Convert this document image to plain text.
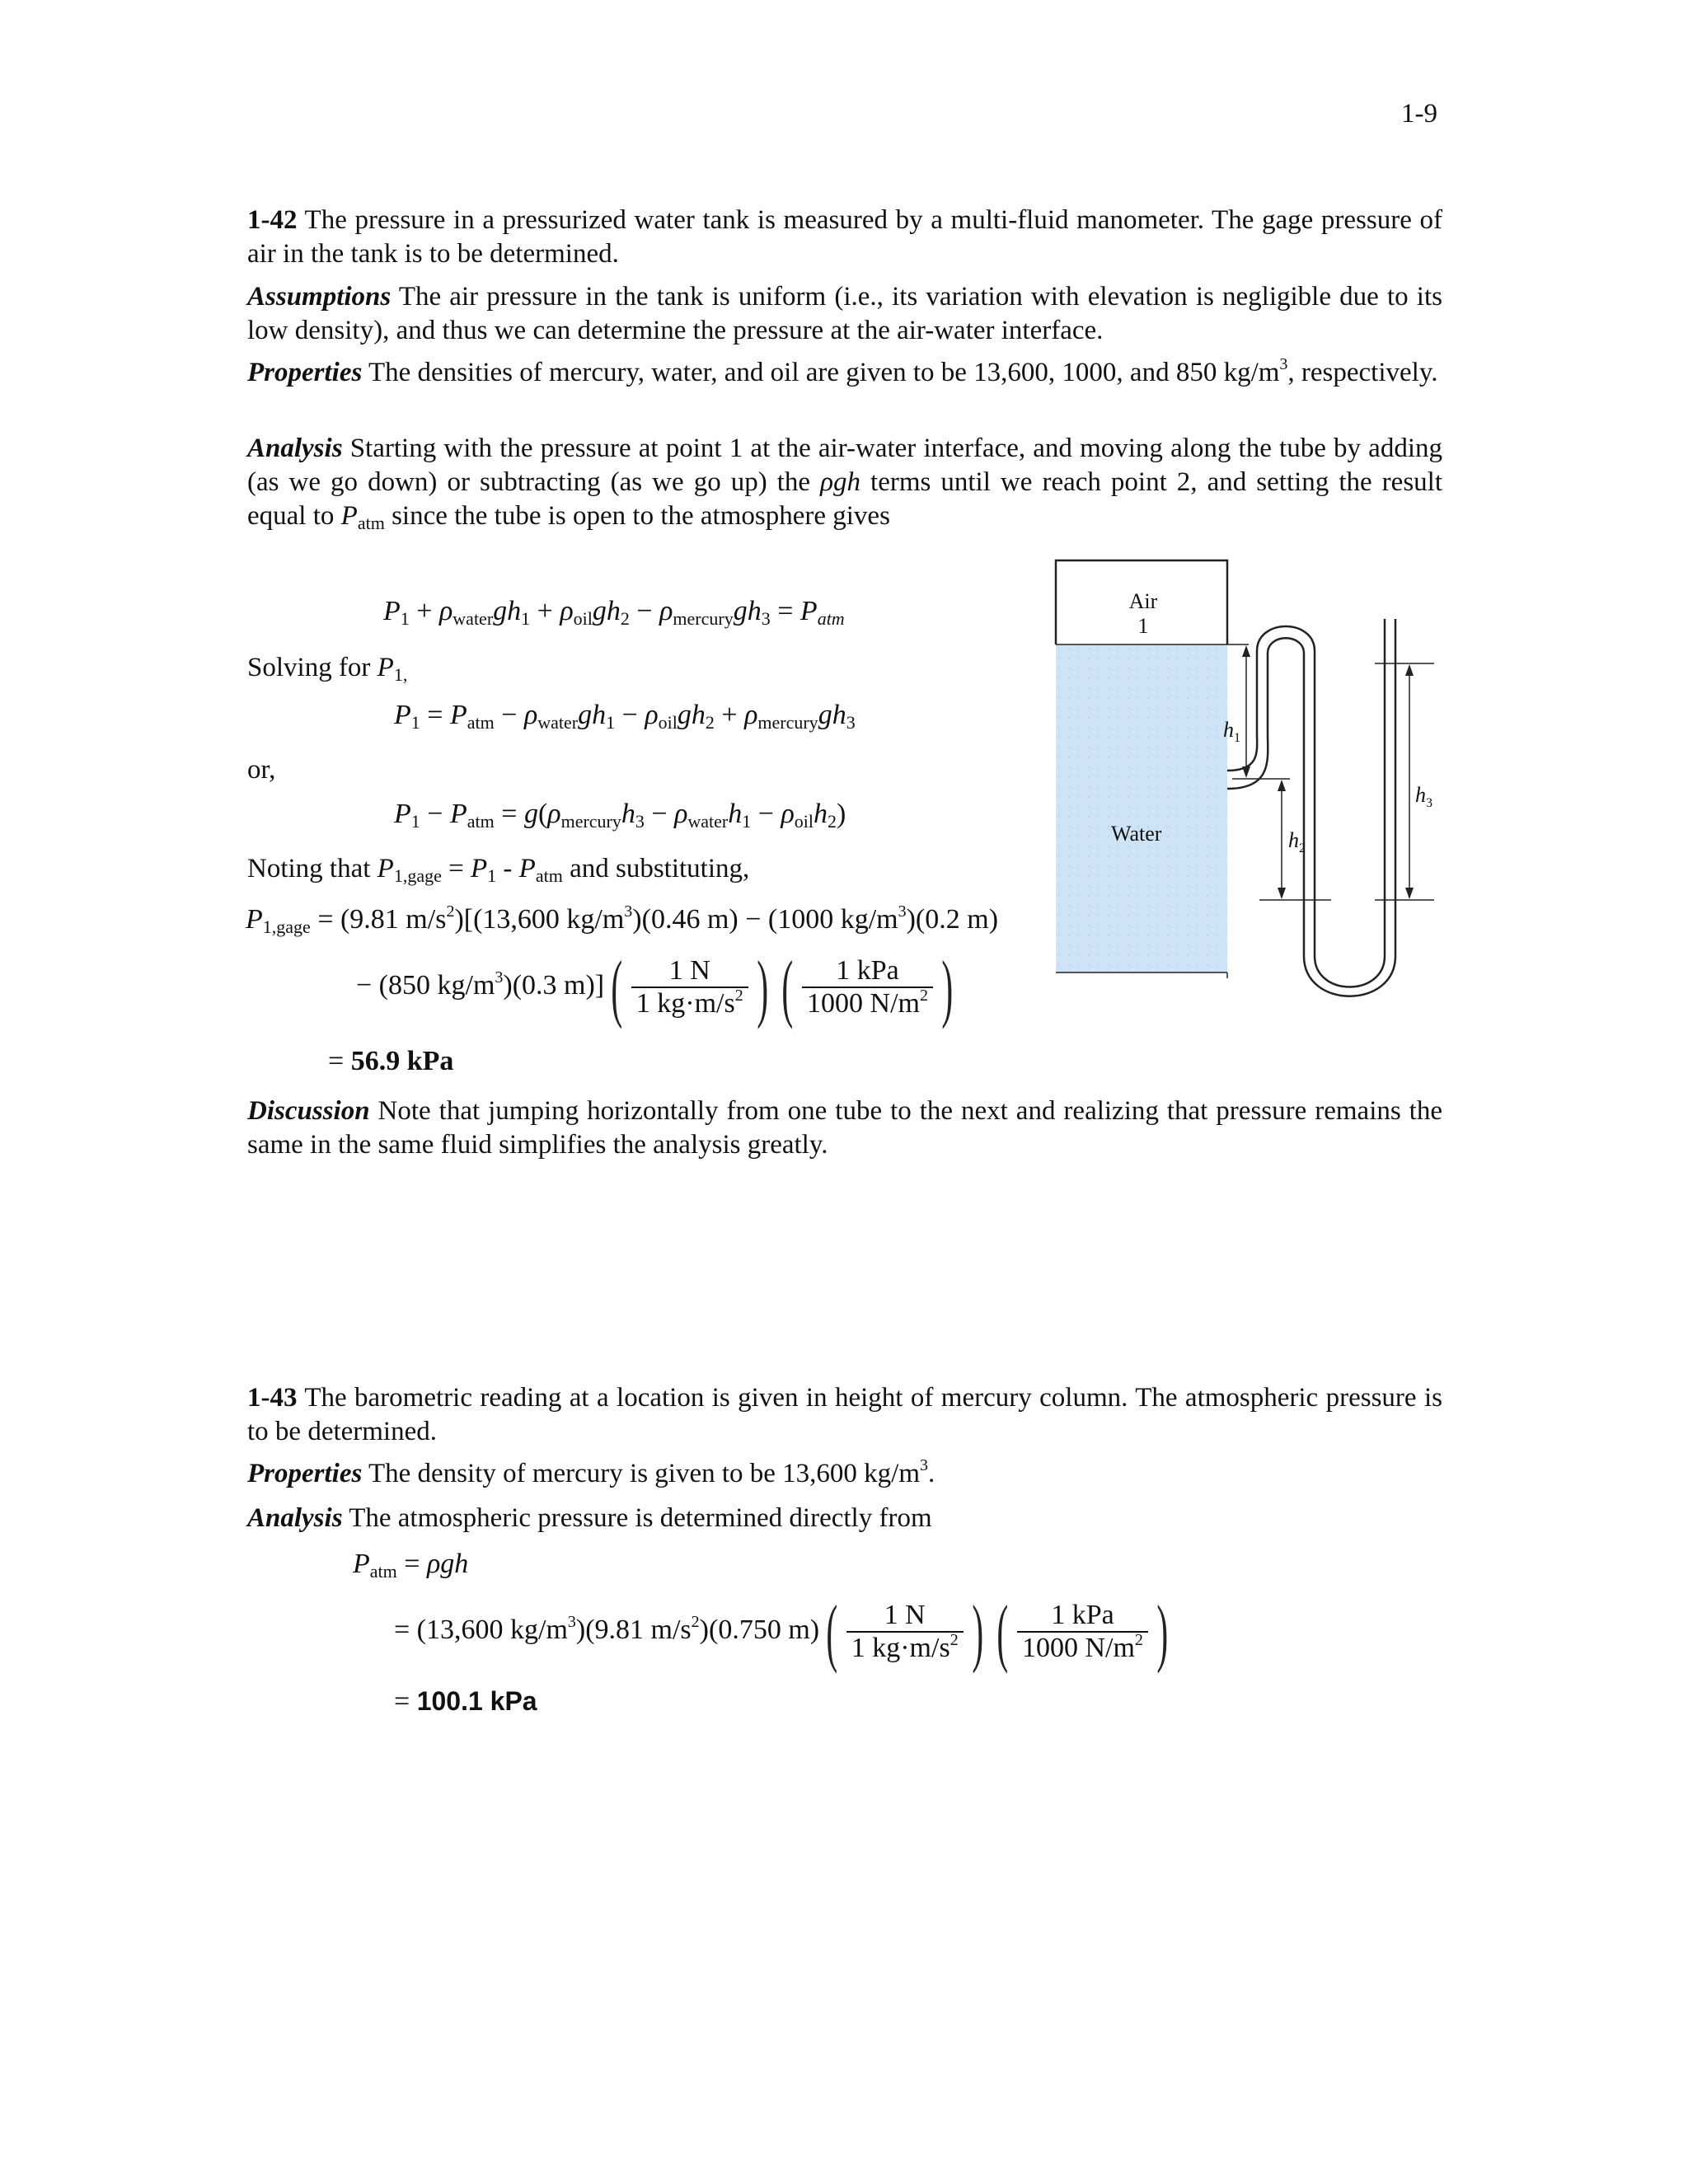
1-9

1-42 The pressure in a pressurized water tank is measured by a multi-fluid manometer. The gage pressure of air in the tank is to be determined.

Assumptions The air pressure in the tank is uniform (i.e., its variation with elevation is negligible due to its low density), and thus we can determine the pressure at the air-water interface.

Properties The densities of mercury, water, and oil are given to be 13,600, 1000, and 850 $kg/m^3$, respectively.

Analysis Starting with the pressure at point 1 at the air-water interface, and moving along the tube by adding (as we go down) or subtracting (as we go up) the ρgh terms until we reach point 2, and setting the result equal to $P_{atm}$ since the tube is open to the atmosphere gives

$P_1 + \rho_{water}gh_1 + \rho_{oil}gh_2 - \rho_{mercury}gh_3 = P_{atm}$
Solving for $P_{1,}$
$P_1 = P_{atm} - \rho_{water}gh_1 - \rho_{oil}gh_2 + \rho_{mercury}gh_3$
or,
$P_1 - P_{atm} = g(\rho_{mercury}h_3 - \rho_{water}h_1 - \rho_{oil}h_2)$
Noting that $P_{1,gage} = P_1 - P_{atm}$ and substituting,
$P_{1,gage} = (9.81$ $m/s^2)[(13,600$ $kg/m^3)(0.46$ m) − (1000 $kg/m^3)(0.2$ m)
− (850 $kg/m^3)(0.3$ $m)]( \frac{1 N}{1 kg\cdot m/s^2}$ ) ( $\frac{\text{1 kPa}}{1000 N/m^2}$ )
= 56.9 kPa

Discussion Note that jumping horizontally from one tube to the next and realizing that pressure remains the same in the same fluid simplifies the analysis greatly.

Air
1
Water
$h_1$
$h_2$
$h_3$

1-43 The barometric reading at a location is given in height of mercury column. The atmospheric pressure is to be determined.

Properties The density of mercury is given to be 13,600 $kg/m^3$.

Analysis The atmospheric pressure is determined directly from

$P_{atm} = \rho gh$
= (13,600 $kg/m^3)(9.81$ $m/s^2)(0.750$ $m)( \frac{1 N}{1 kg\cdot m/s^2}$ ) ( $\frac{\text{1 kPa}}{1000 N/m^2}$ )
= 100.1 kPa
